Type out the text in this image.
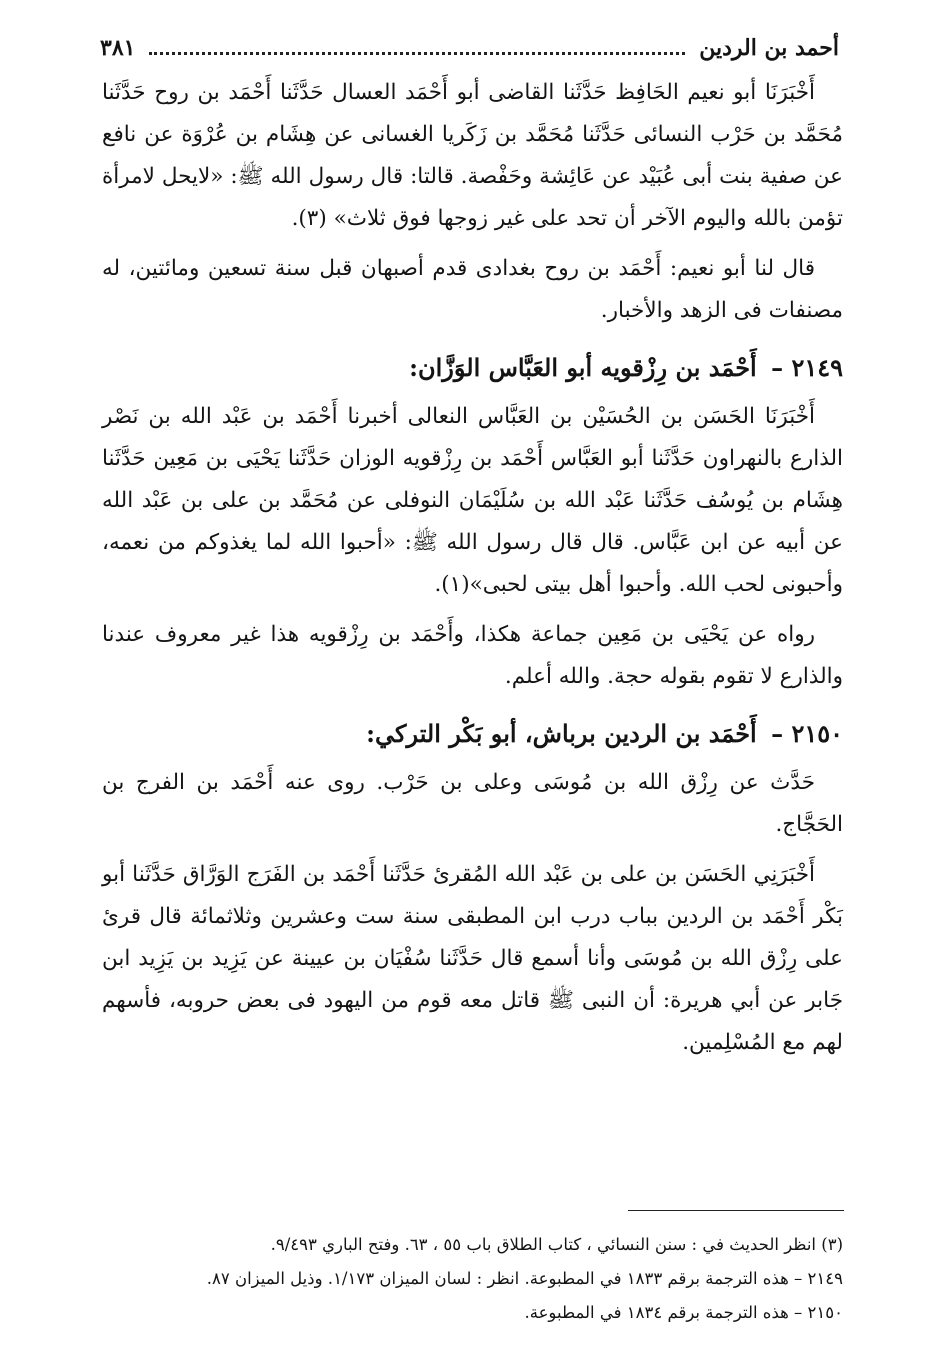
أحمد بن الردين
٣٨١

أَخْبَرَنَا أبو نعيم الحَافِظ حَدَّثَنا القاضى أبو أَحْمَد العسال حَدَّثَنا أَحْمَد بن روح حَدَّثَنا مُحَمَّد بن حَرْب النسائى حَدَّثَنا مُحَمَّد بن زَكَريا الغسانى عن هِشَام بن عُرْوَة عن نافع عن صفية بنت أبى عُبَيْد عن عَائِشة وحَفْصة. قالتا: قال رسول الله ﷺ: «لايحل لامرأة تؤمن بالله واليوم الآخر أن تحد على غير زوجها فوق ثلاث» (٣).

قال لنا أبو نعيم: أَحْمَد بن روح بغدادى قدم أصبهان قبل سنة تسعين ومائتين، له مصنفات فى الزهد والأخبار.

٢١٤٩ – أَحْمَد بن رِزْقويه أبو العَبَّاس الوَزَّان:

أَخْبَرَنَا الحَسَن بن الحُسَيْن بن العَبَّاس النعالى أخبرنا أَحْمَد بن عَبْد الله بن نَصْر الذارع بالنهراون حَدَّثَنا أبو العَبَّاس أَحْمَد بن رِزْقويه الوزان حَدَّثَنا يَحْيَى بن مَعِين حَدَّثَنا هِشَام بن يُوسُف حَدَّثَنا عَبْد الله بن سُلَيْمَان النوفلى عن مُحَمَّد بن على بن عَبْد الله عن أبيه عن ابن عَبَّاس. قال قال رسول الله ﷺ: «أحبوا الله لما يغذوكم من نعمه، وأحبونى لحب الله. وأحبوا أهل بيتى لحبى»(١).

رواه عن يَحْيَى بن مَعِين جماعة هكذا، وأَحْمَد بن رِزْقويه هذا غير معروف عندنا والذارع لا تقوم بقوله حجة. والله أعلم.

٢١٥٠ – أَحْمَد بن الردين برباش، أبو بَكْر التركي:

حَدَّث عن رِزْق الله بن مُوسَى وعلى بن حَرْب. روى عنه أَحْمَد بن الفرج بن الحَجَّاج.

أَخْبَرَنِي الحَسَن بن على بن عَبْد الله المُقرئ حَدَّثَنا أَحْمَد بن الفَرَج الوَرَّاق حَدَّثَنا أبو بَكْر أَحْمَد بن الردين بباب درب ابن المطبقى سنة ست وعشرين وثلاثمائة قال قرئ على رِزْق الله بن مُوسَى وأنا أسمع قال حَدَّثَنا سُفْيَان بن عيينة عن يَزِيد بن يَزِيد ابن جَابر عن أبي هريرة: أن النبى ﷺ قاتل معه قوم من اليهود فى بعض حروبه، فأسهم لهم مع المُسْلِمين.

(٣) انظر الحديث في : سنن النسائي ، كتاب الطلاق باب ٥٥ ، ٦٣. وفتح الباري ٩/٤٩٣.

٢١٤٩ – هذه الترجمة برقم ١٨٣٣ في المطبوعة. انظر : لسان الميزان ١/١٧٣. وذيل الميزان ٨٧.

٢١٥٠ – هذه الترجمة برقم ١٨٣٤ في المطبوعة.
